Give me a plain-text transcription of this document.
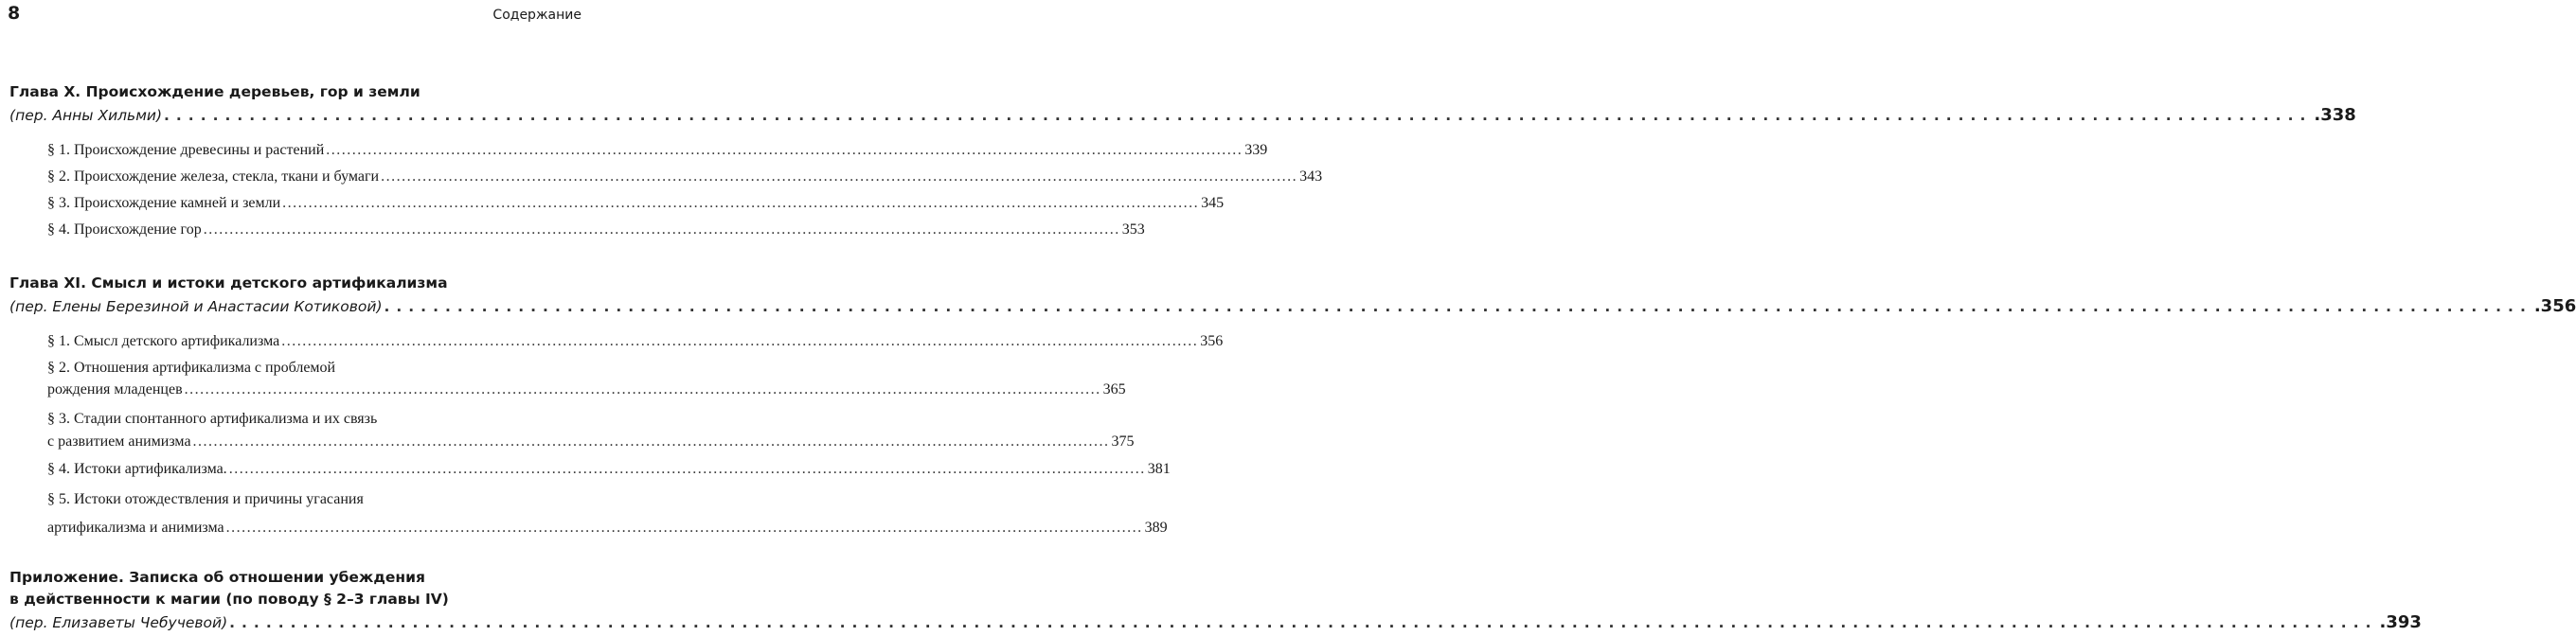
8	Содержание
Глава X. Происхождение деревьев, гор и земли
(пер. Анны Хильми) ................................................................................................................................................................................ .338
§ 1. Происхождение древесины и растений ................................................................................................................................................................................ 339
§ 2. Происхождение железа, стекла, ткани и бумаги ................................................................................................................................................................................ 343
§ 3. Происхождение камней и земли ................................................................................................................................................................................ 345
§ 4. Происхождение гор ................................................................................................................................................................................ 353
Глава XI. Смысл и истоки детского артификализма
(пер. Елены Березиной и Анастасии Котиковой) ................................................................................................................................................................................ .356
§ 1. Смысл детского артификализма ................................................................................................................................................................................ 356
§ 2. Отношения артификализма с проблемой
рождения младенцев ................................................................................................................................................................................ 365
§ 3. Стадии спонтанного артификализма и их связь
с развитием анимизма ................................................................................................................................................................................ 375
§ 4. Истоки артификализма. ................................................................................................................................................................................ 381
§ 5. Истоки отождествления и причины угасания
артификализма и анимизма ................................................................................................................................................................................ 389
Приложение. Записка об отношении убеждения
в действенности к магии (по поводу § 2–3 главы IV)
(пер. Елизаветы Чебучевой) ................................................................................................................................................................................ .393
